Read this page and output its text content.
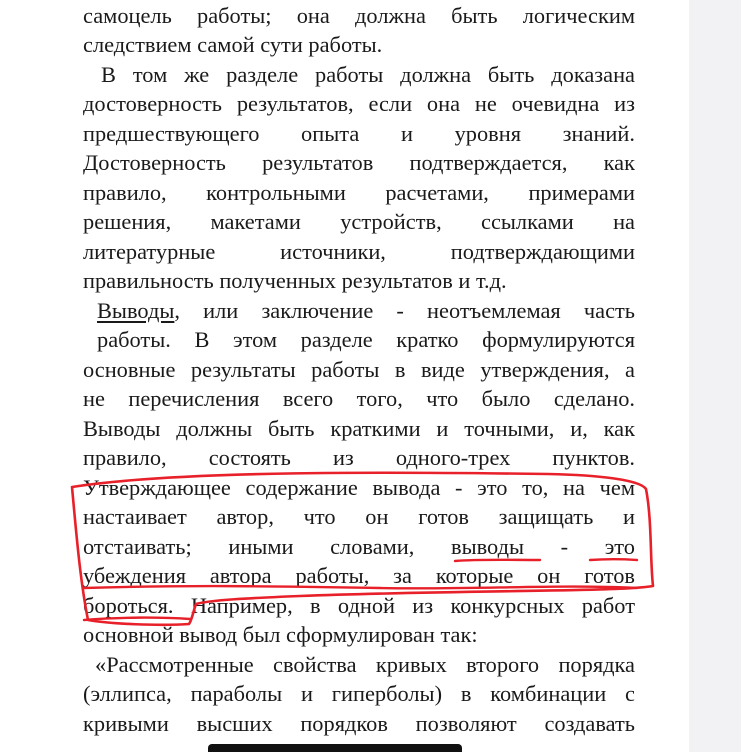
самоцель работы; она должна быть логическим
следствием самой сути работы.
В том же разделе работы должна быть доказана
достоверность результатов, если она не очевидна из
предшествующего опыта и уровня знаний.
Достоверность результатов подтверждается, как
правило, контрольными расчетами, примерами
решения, макетами устройств, ссылками на
литературные источники, подтверждающими
правильность полученных результатов и т.д.
Выводы, или заключение - неотъемлемая часть
работы. В этом разделе кратко формулируются
основные результаты работы в виде утверждения, а
не перечисления всего того, что было сделано.
Выводы должны быть краткими и точными, и, как
правило, состоять из одного-трех пунктов.
Утверждающее содержание вывода - это то, на чем
настаивает автор, что он готов защищать и
отстаивать; иными словами, выводы - это
убеждения автора работы, за которые он готов
бороться. Например, в одной из конкурсных работ
основной вывод был сформулирован так:
«Рассмотренные свойства кривых второго порядка
(эллипса, параболы и гиперболы) в комбинации с
кривыми высших порядков позволяют создавать
